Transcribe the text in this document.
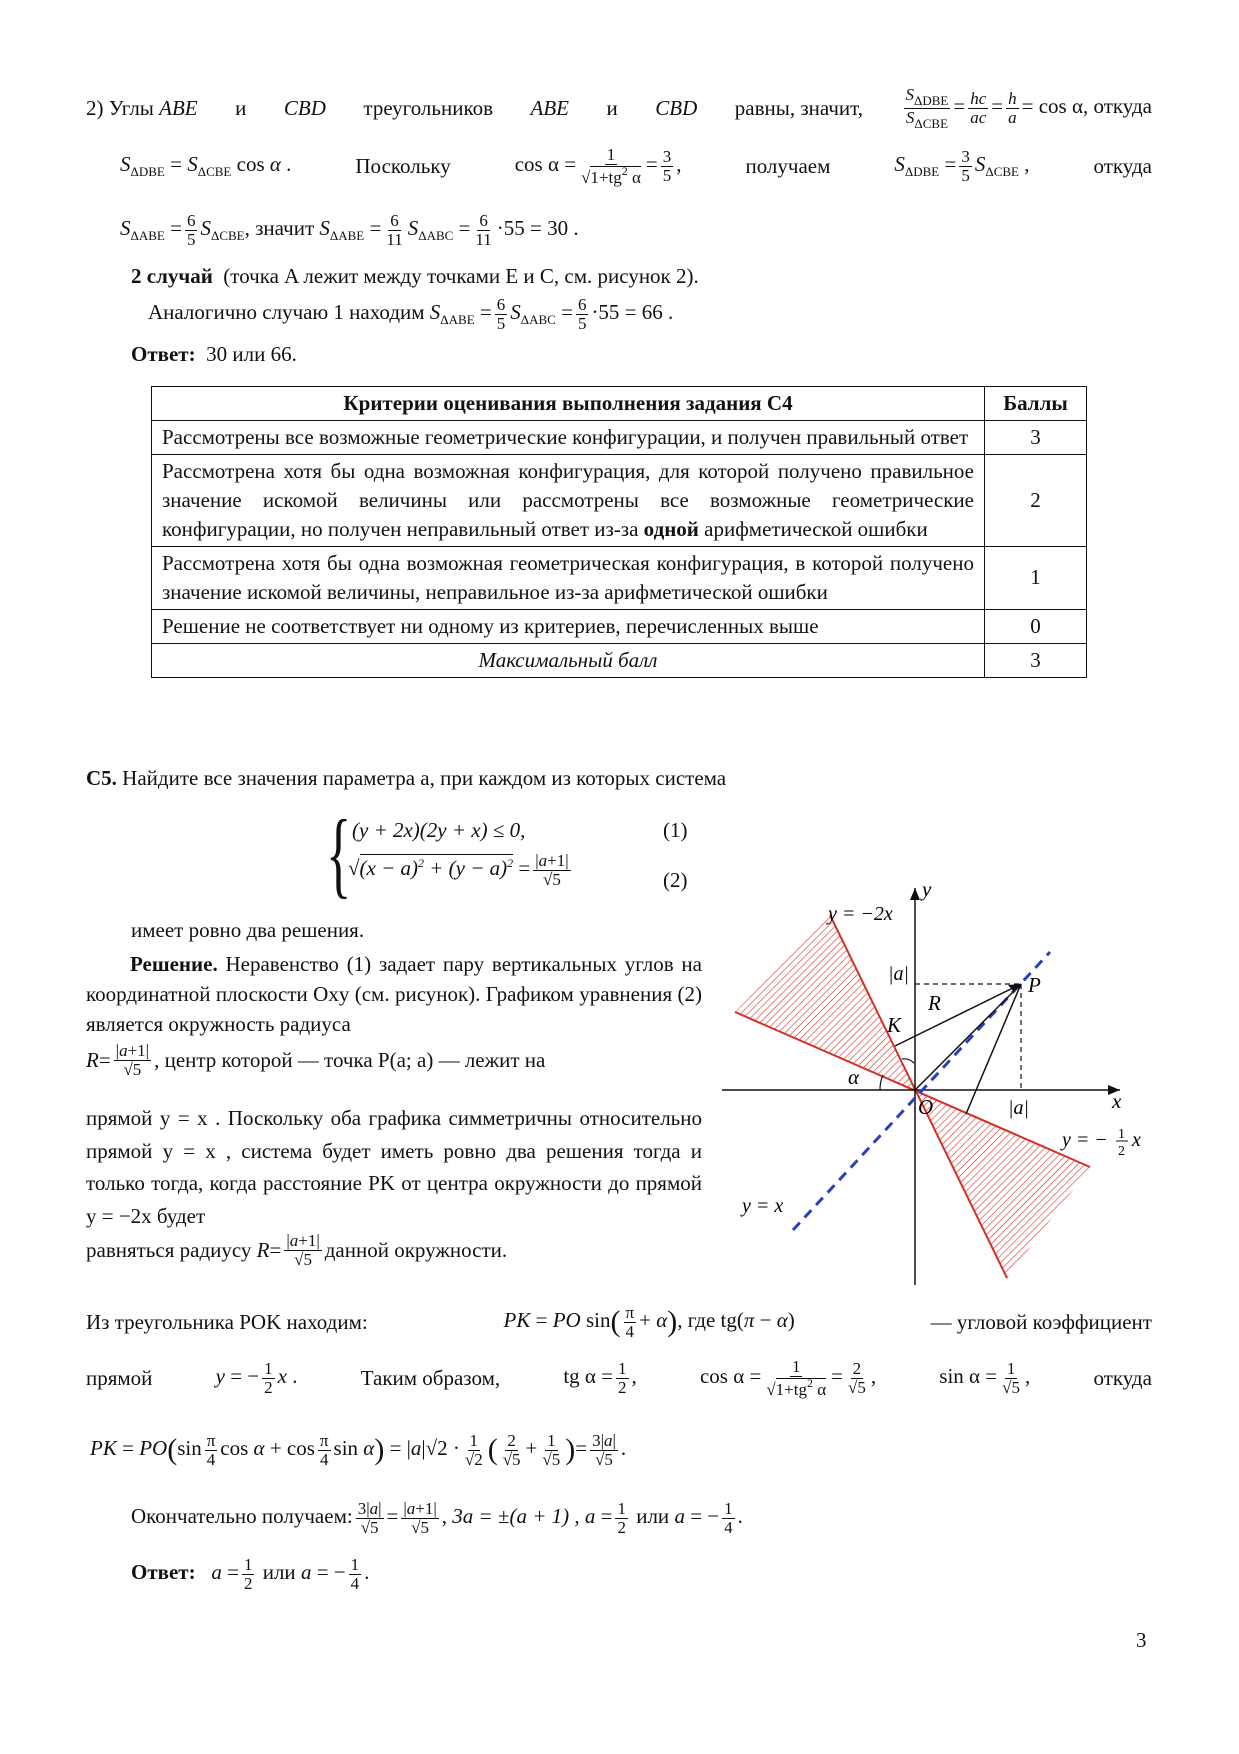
2) Углы ABE и CBD треугольников ABE и CBD равны, значит, $\frac{S_{\Delta DBE}}{S_{\Delta CBE}} = \frac{hc}{ac} = \frac{h}{a} = \cos \alpha$, откуда
$S_{\Delta DBE} = S_{\Delta CBE}$ cos α .	Поскольку	$\cos \alpha = \frac{1}{√1+tg^2 \alpha} = \frac{3}{5}$ ,	получаем	$S_{\Delta DBE} = \frac{3}{5} S_{\Delta CBE}$ ,	откуда
$S_{\Delta ABE} = \frac{6}{5} S_{\Delta CBE}$, значит $S_{\Delta ABE} = \frac{6}{11} S_{\Delta ABC} = \frac{6}{11} \cdot 55 = 30$ .
2 случай (точка A лежит между точками E и C, см. рисунок 2).
Аналогично случаю 1 находим $S_{\Delta ABE} = \frac{6}{5} S_{\Delta ABC} = \frac{6}{5} \cdot 55 = 66$ .
Ответ: 30 или 66.
Критерии оценивания выполнения задания С4	Баллы
Рассмотрены все возможные геометрические конфигурации, и получен правильный ответ	3
Рассмотрена хотя бы одна возможная конфигурация, для которой получено правильное значение искомой величины или рассмотрены все возможные геометрические конфигурации, но получен неправильный ответ из-за одной арифметической ошибки	2
Рассмотрена хотя бы одна возможная геометрическая конфигурация, в которой получено значение искомой величины, неправильное из-за арифметической ошибки	1
Решение не соответствует ни одному из критериев, перечисленных выше	0
Максимальный балл	3
С5. Найдите все значения параметра a, при каждом из которых система
{ (y + 2x)(2y + x) ≤ 0,	(1)
$√(x - a)^2 + (y - a)^2 = \frac{|a+1|}{√5}$	(2)
имеет ровно два решения.
Решение. Неравенство (1) задает пару вертикальных углов на координатной плоскости Oxy (см. рисунок). Графиком уравнения (2) является окружность радиуса
$R = \frac{|a+1|}{√5}$ , центр которой — точка P(a; a) — лежит на
прямой y = x . Поскольку оба графика симметричны относительно прямой y = x , система будет иметь ровно два решения тогда и только тогда, когда расстояние PK от центра окружности до прямой y = −2x будет
равняться радиусу
$R = \frac{|a+1|}{√5}$ данной окружности.
Из треугольника POK находим:	PK = PO $\sin( \frac{\pi}{4} + \alpha)$, где tg(π − α)	— угловой коэффициент
прямой	y = − $\frac{1}{2}$ x .	Таким образом,	tg $\alpha = \frac{1}{2}$ ,	$\cos \alpha = \frac{1}{√1+tg^2 \alpha} = \frac{2}{√5}$ ,	$\sin \alpha = \frac{1}{√5}$ ,	откуда
PK = $PO(\sin \frac{\pi}{4}$ $\cos \alpha + \cos \frac{\pi}{4}$ $\sin \alpha) = |a|√2 \cdot \frac{1}{√2}$ ( $\frac{2}{√5} + \frac{1}{√5}$ )= $\frac{3|a|}{√5}$ .
Окончательно получаем: $\frac{3|a|}{√5} = \frac{|a+1|}{√5}$ , 3a = ±(a + 1) , $a = \frac{1}{2}$ или a = − $\frac{1}{4}$ .
Ответ: $a = \frac{1}{2}$ или a = − $\frac{1}{4}$ .
y
x
y = −2x
y = − 1
2
x
y = x
P
K
R
O
α
|a|
|a|
3
